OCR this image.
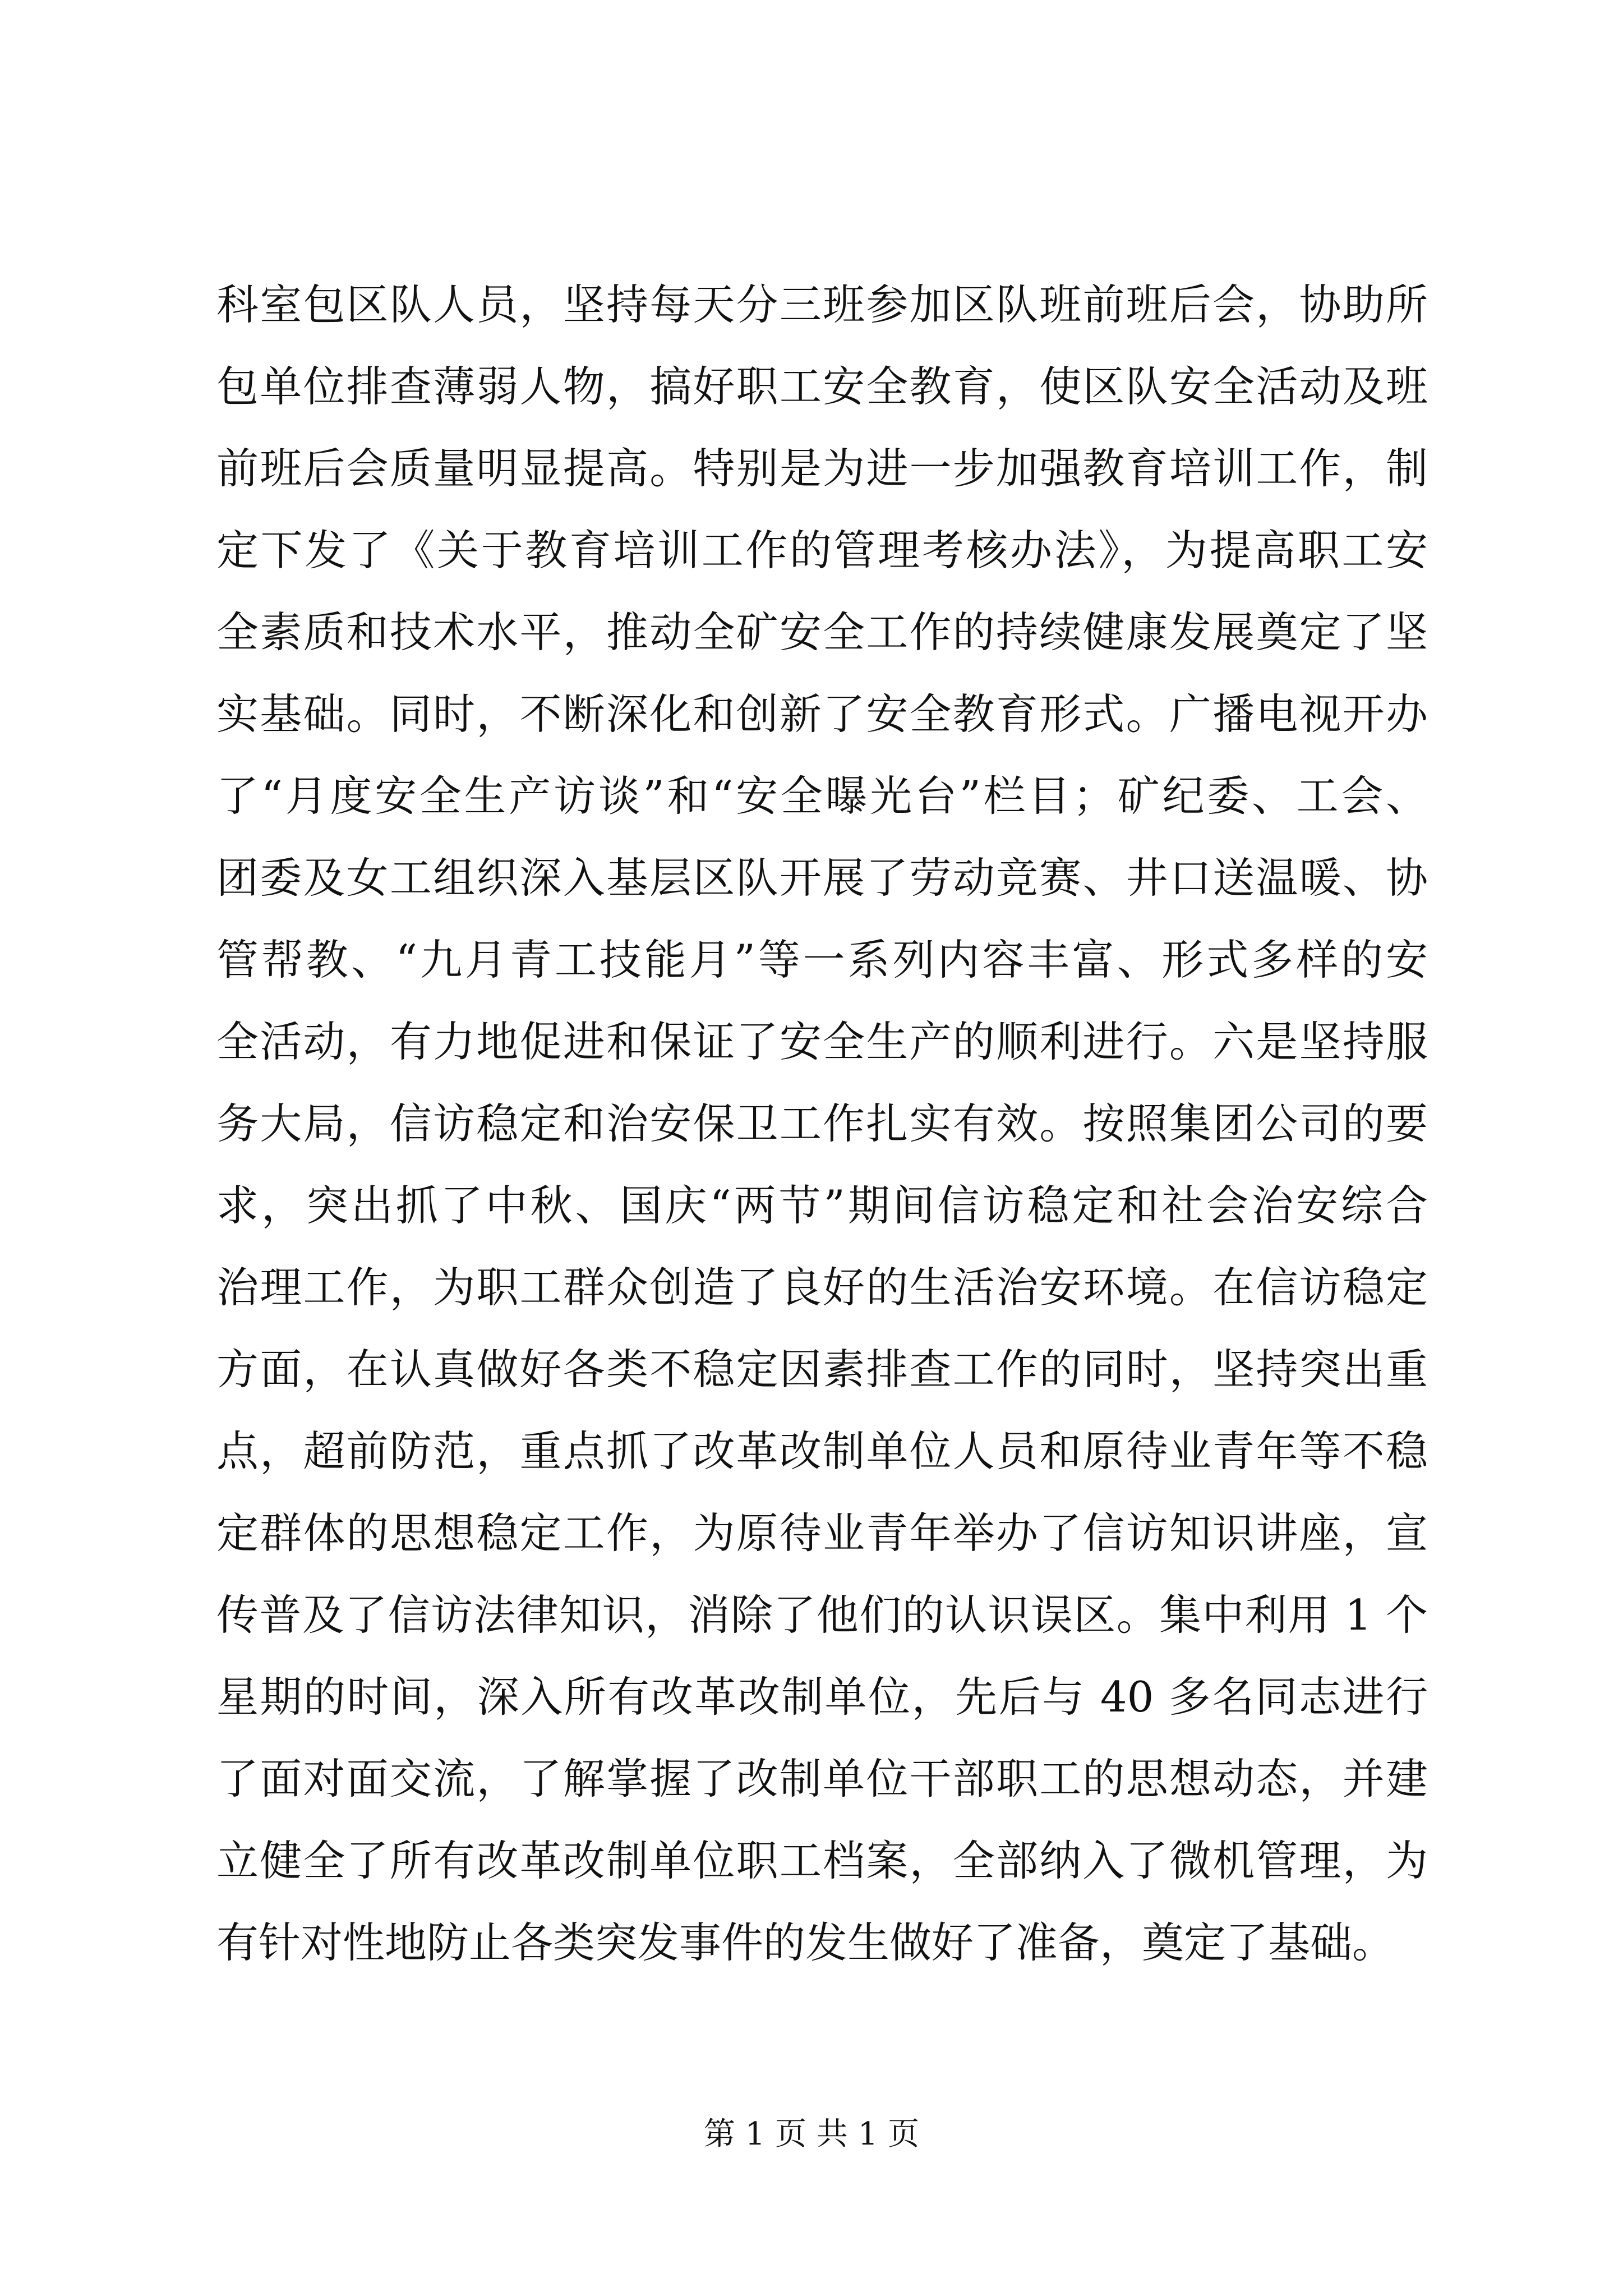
科室包区队人员，坚持每天分三班参加区队班前班后会，协助所
包单位排查薄弱人物，搞好职工安全教育，使区队安全活动及班
前班后会质量明显提高。特别是为进一步加强教育培训工作，制
定下发了《关于教育培训工作的管理考核办法》，为提高职工安
全素质和技术水平，推动全矿安全工作的持续健康发展奠定了坚
实基础。同时，不断深化和创新了安全教育形式。广播电视开办
了“月度安全生产访谈”和“安全曝光台”栏目；矿纪委、工会、
团委及女工组织深入基层区队开展了劳动竞赛、井口送温暖、协
管帮教、“九月青工技能月”等一系列内容丰富、形式多样的安
全活动，有力地促进和保证了安全生产的顺利进行。六是坚持服
务大局，信访稳定和治安保卫工作扎实有效。按照集团公司的要
求，突出抓了中秋、国庆“两节”期间信访稳定和社会治安综合
治理工作，为职工群众创造了良好的生活治安环境。在信访稳定
方面，在认真做好各类不稳定因素排查工作的同时，坚持突出重
点，超前防范，重点抓了改革改制单位人员和原待业青年等不稳
定群体的思想稳定工作，为原待业青年举办了信访知识讲座，宣
传普及了信访法律知识，消除了他们的认识误区。集中利用 1 个
星期的时间，深入所有改革改制单位，先后与 40 多名同志进行
了面对面交流，了解掌握了改制单位干部职工的思想动态，并建
立健全了所有改革改制单位职工档案，全部纳入了微机管理，为
有针对性地防止各类突发事件的发生做好了准备，奠定了基础。
第 1 页 共 1 页
